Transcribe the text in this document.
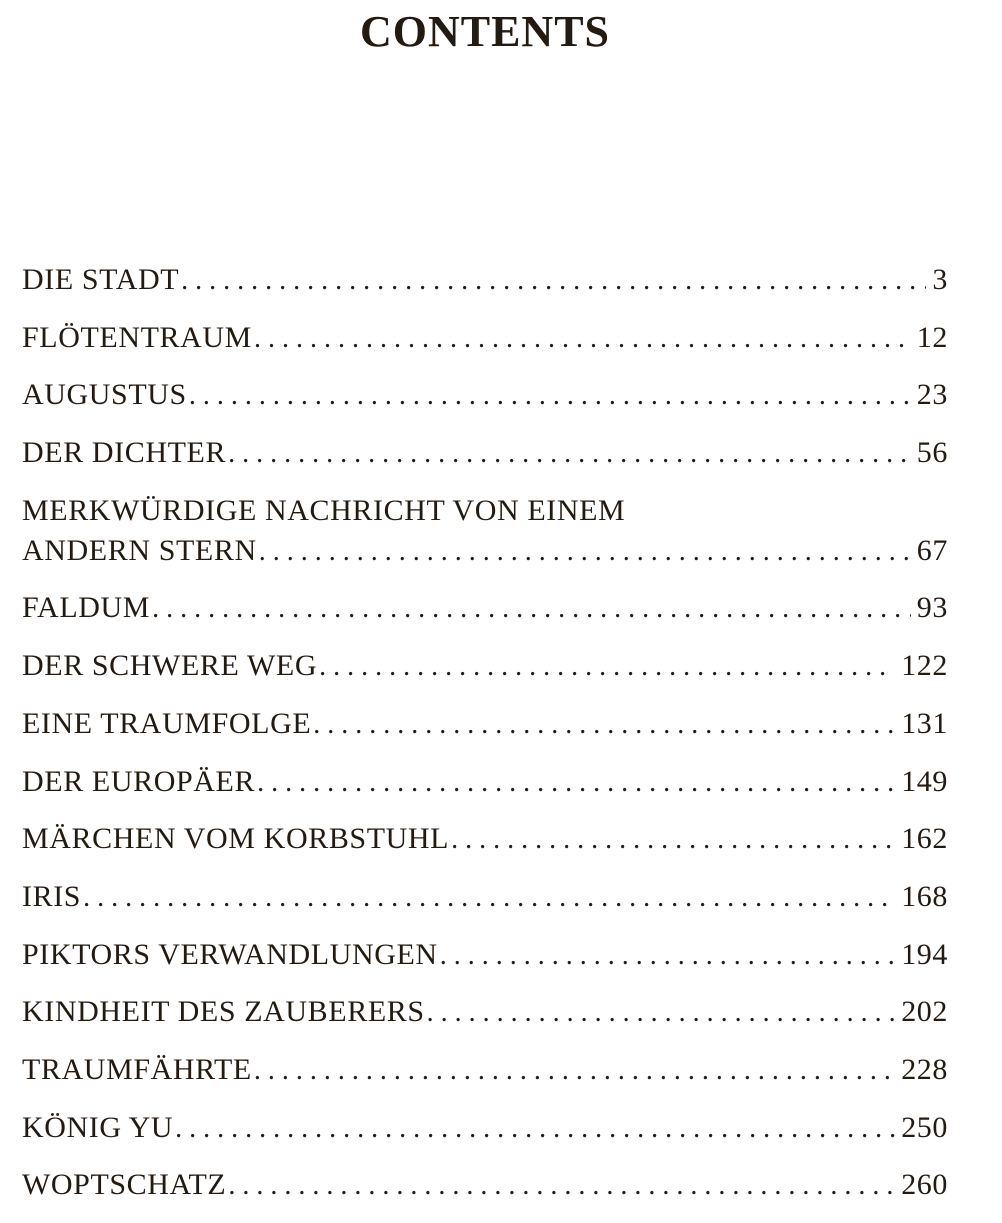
CONTENTS
DIE STADT .....	3
FLÖTENTRAUM .....	12
AUGUSTUS .....	23
DER DICHTER .....	56
MERKWÜRDIGE NACHRICHT VON EINEM
ANDERN STERN .....	67
FALDUM .....	93
DER SCHWERE WEG .....	122
EINE TRAUMFOLGE .....	131
DER EUROPÄER .....	149
MÄRCHEN VOM KORBSTUHL .....	162
IRIS .....	168
PIKTORS VERWANDLUNGEN .....	194
KINDHEIT DES ZAUBERERS .....	202
TRAUMFÄHRTE .....	228
KÖNIG YU .....	250
WOPTSCHATZ .....	260
